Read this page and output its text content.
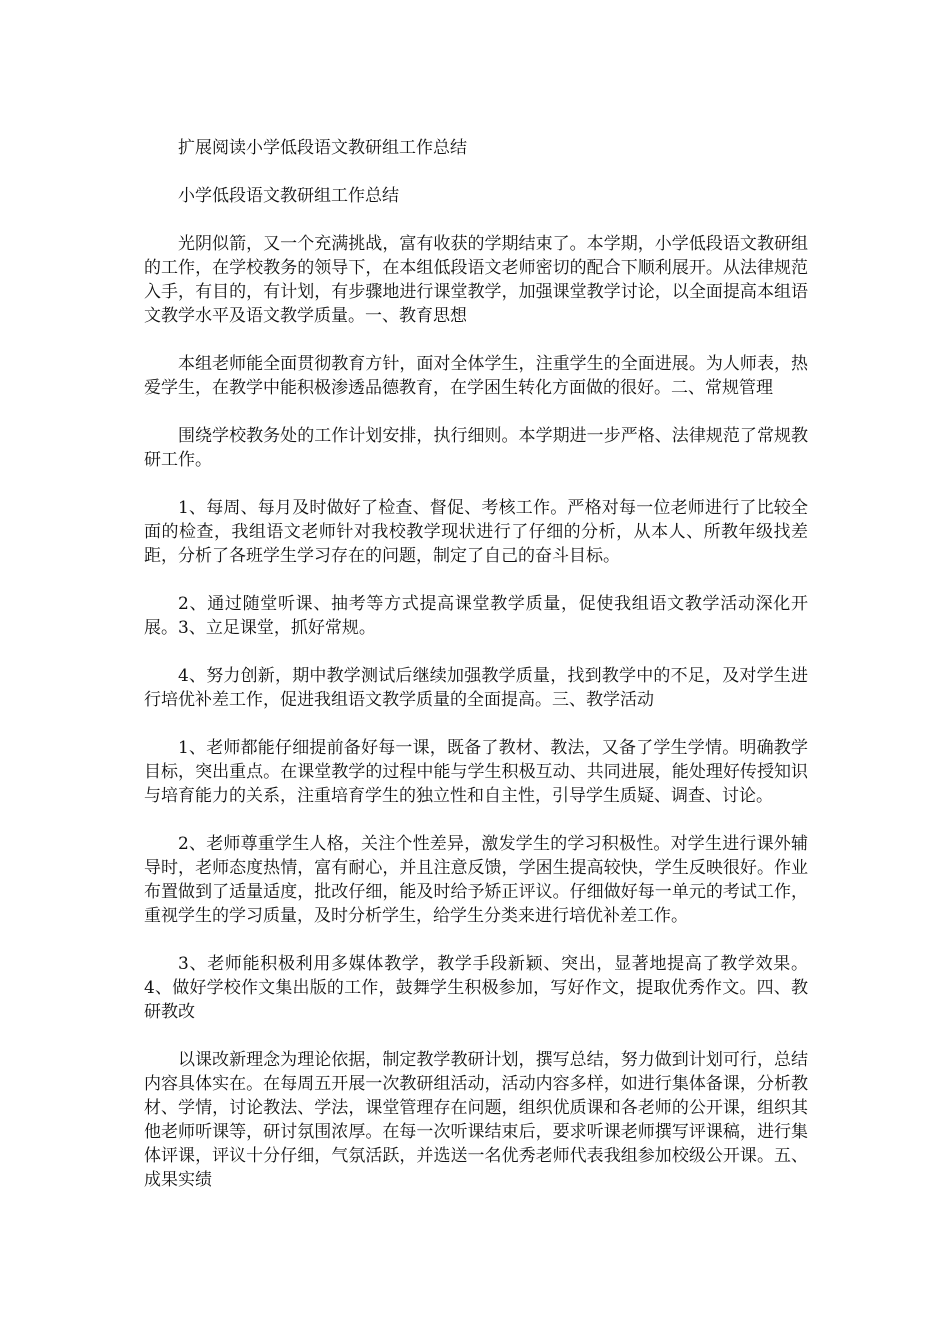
扩展阅读小学低段语文教研组工作总结

小学低段语文教研组工作总结

光阴似箭，又一个充满挑战，富有收获的学期结束了。本学期，小学低段语文教研组的工作，在学校教务的领导下，在本组低段语文老师密切的配合下顺利展开。从法律规范入手，有目的，有计划，有步骤地进行课堂教学，加强课堂教学讨论，以全面提高本组语文教学水平及语文教学质量。一、教育思想

本组老师能全面贯彻教育方针，面对全体学生，注重学生的全面进展。为人师表，热爱学生，在教学中能积极渗透品德教育，在学困生转化方面做的很好。二、常规管理

围绕学校教务处的工作计划安排，执行细则。本学期进一步严格、法律规范了常规教研工作。

1、每周、每月及时做好了检查、督促、考核工作。严格对每一位老师进行了比较全面的检查，我组语文老师针对我校教学现状进行了仔细的分析，从本人、所教年级找差距，分析了各班学生学习存在的问题，制定了自己的奋斗目标。

2、通过随堂听课、抽考等方式提高课堂教学质量，促使我组语文教学活动深化开展。3、立足课堂，抓好常规。

4、努力创新，期中教学测试后继续加强教学质量，找到教学中的不足，及对学生进行培优补差工作，促进我组语文教学质量的全面提高。三、教学活动

1、老师都能仔细提前备好每一课，既备了教材、教法，又备了学生学情。明确教学目标，突出重点。在课堂教学的过程中能与学生积极互动、共同进展，能处理好传授知识与培育能力的关系，注重培育学生的独立性和自主性，引导学生质疑、调查、讨论。

2、老师尊重学生人格，关注个性差异，激发学生的学习积极性。对学生进行课外辅导时，老师态度热情，富有耐心，并且注意反馈，学困生提高较快，学生反映很好。作业布置做到了适量适度，批改仔细，能及时给予矫正评议。仔细做好每一单元的考试工作，重视学生的学习质量，及时分析学生，给学生分类来进行培优补差工作。

3、老师能积极利用多媒体教学，教学手段新颖、突出，显著地提高了教学效果。4、做好学校作文集出版的工作，鼓舞学生积极参加，写好作文，提取优秀作文。四、教研教改

以课改新理念为理论依据，制定教学教研计划，撰写总结，努力做到计划可行，总结内容具体实在。在每周五开展一次教研组活动，活动内容多样，如进行集体备课，分析教材、学情，讨论教法、学法，课堂管理存在问题，组织优质课和各老师的公开课，组织其他老师听课等，研讨氛围浓厚。在每一次听课结束后，要求听课老师撰写评课稿，进行集体评课，评议十分仔细，气氛活跃，并选送一名优秀老师代表我组参加校级公开课。五、成果实绩
